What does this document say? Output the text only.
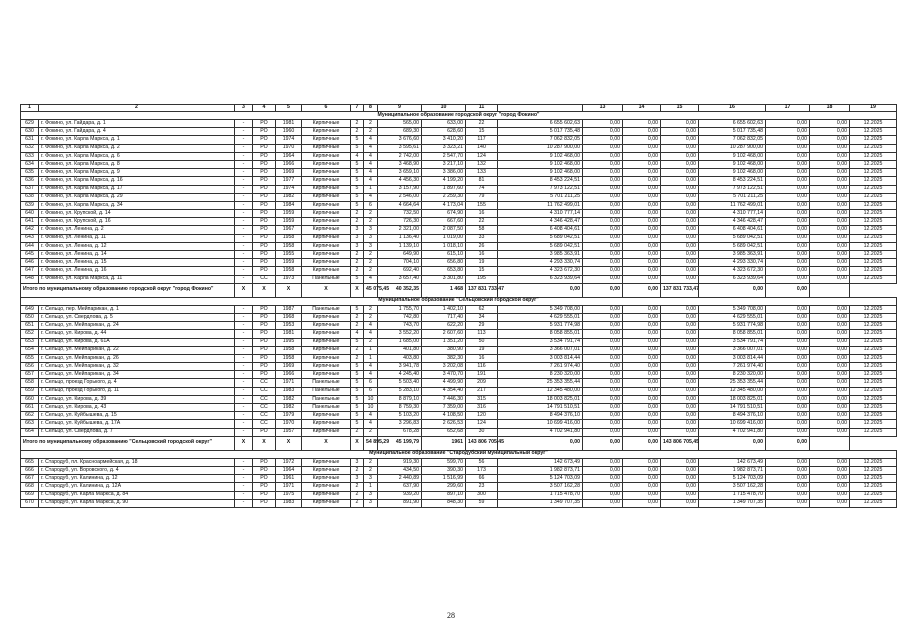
1	2	3	4	5	6	7	8	9	10	11		13	14	15	16	17	18	19
Муниципальное образование городской округ "город Фокино"																		
629	г. Фокино, ул. Гайдара, д. 1	-	РО	1981	Кирпичные	2	2	565,00	633,00	22	6 655 602,63	0,00	0,00	0,00	6 655 602,63	0,00	0,00	12.2025
630	г. Фокино, ул. Гайдара, д. 4	-	РО	1960	Кирпичные	2	2	689,30	628,60	15	5 017 735,48	0,00	0,00	0,00	5 017 735,48	0,00	0,00	12.2025
631	г. Фокино, ул. Карла Маркса, д. 1	-	РО	1974	Кирпичные	5	4	3 676,60	3 410,20	117	7 062 832,05	0,00	0,00	0,00	7 062 832,05	0,00	0,00	12.2025
632	г. Фокино, ул. Карла Маркса, д. 2	-	РО	1970	Кирпичные	5	4	3 595,61	3 323,21	140	10 287 900,00	0,00	0,00	0,00	10 287 900,00	0,00	0,00	12.2025
633	г. Фокино, ул. Карла Маркса, д. 6	-	РО	1964	Кирпичные	4	4	2 742,00	2 547,70	124	9 102 468,00	0,00	0,00	0,00	9 102 468,00	0,00	0,00	12.2025
634	г. Фокино, ул. Карла Маркса, д. 8	-	РО	1966	Кирпичные	5	4	3 468,90	3 217,10	132	9 102 468,00	0,00	0,00	0,00	9 102 468,00	0,00	0,00	12.2025
635	г. Фокино, ул. Карла Маркса, д. 9	-	РО	1969	Кирпичные	5	4	3 659,10	3 386,00	133	9 102 468,00	0,00	0,00	0,00	9 102 468,00	0,00	0,00	12.2025
636	г. Фокино, ул. Карла Маркса, д. 16	-	РО	1977	Кирпичные	5	4	4 456,30	4 199,20	81	8 453 224,51	0,00	0,00	0,00	8 453 224,51	0,00	0,00	12.2025
637	г. Фокино, ул. Карла Маркса, д. 17	-	РО	1974	Кирпичные	5	1	3 157,90	1 897,60	74	7 973 122,51	0,00	0,00	0,00	7 973 122,51	0,00	0,00	12.2025
638	г. Фокино, ул. Карла Маркса, д. 29	-	РО	1982	Кирпичные	5	4	2 546,00	2 259,30	79	5 701 211,25	0,00	0,00	0,00	5 701 211,25	0,00	0,00	12.2025
639	г. Фокино, ул. Карла Маркса, д. 34	-	РО	1984	Кирпичные	5	6	4 664,64	4 173,04	155	11 762 499,01	0,00	0,00	0,00	11 762 499,01	0,00	0,00	12.2025
640	г. Фокино, ул. Крупской, д. 14	-	РО	1959	Кирпичные	2	2	732,50	674,90	16	4 310 777,14	0,00	0,00	0,00	4 310 777,14	0,00	0,00	12.2025
641	г. Фокино, ул. Крупской, д. 16	-	РО	1959	Кирпичные	2	2	726,30	667,60	22	4 346 428,47	0,00	0,00	0,00	4 346 428,47	0,00	0,00	12.2025
642	г. Фокино, ул. Ленина, д. 2	-	РО	1967	Кирпичные	3	3	2 321,00	2 087,50	58	6 408 404,61	0,00	0,00	0,00	6 408 404,61	0,00	0,00	12.2025
643	г. Фокино, ул. Ленина, д. 11	-	РО	1958	Кирпичные	3	3	1 136,40	1 019,00	33	5 689 042,51	0,00	0,00	0,00	5 689 042,51	0,00	0,00	12.2025
644	г. Фокино, ул. Ленина, д. 12	-	РО	1958	Кирпичные	3	3	1 139,10	1 018,10	26	5 689 042,51	0,00	0,00	0,00	5 689 042,51	0,00	0,00	12.2025
645	г. Фокино, ул. Ленина, д. 14	-	РО	1955	Кирпичные	2	2	649,90	615,10	16	3 985 363,91	0,00	0,00	0,00	3 985 363,91	0,00	0,00	12.2025
646	г. Фокино, ул. Ленина, д. 15	-	РО	1959	Кирпичные	2	2	704,10	656,80	19	4 293 330,74	0,00	0,00	0,00	4 293 330,74	0,00	0,00	12.2025
647	г. Фокино, ул. Ленина, д. 16	-	РО	1958	Кирпичные	2	2	692,40	653,80	15	4 323 672,30	0,00	0,00	0,00	4 323 672,30	0,00	0,00	12.2025
648	г. Фокино, ул. Карла Маркса, д. 11	-	СС	1973	Панельные	5	4	3 657,40	3 301,80	195	6 323 939,64	0,00	0,00	0,00	6 323 939,64	0,00	0,00	12.2025
Итого по муниципальному образованию городской округ "город Фокино"		X	X	X	X	X	45 075,45	40 352,35	1 468	137 831 733,47	0,00	0,00	0,00	137 831 733,47	0,00	0,00		
Муниципальное образование "Сельцовский городской округ"																		
649	г. Сельцо, пер. Мейпарикан, д. 1	-	РО	1987	Панельные	5	2	1 755,70	1 402,10	62	5 349 708,00	0,00	0,00	0,00	5 349 708,00	0,00	0,00	12.2025
650	г. Сельцо, ул. Свердлова, д. 5	-	РО	1968	Кирпичные	2	2	742,80	717,40	34	4 629 555,01	0,00	0,00	0,00	4 629 555,01	0,00	0,00	12.2025
651	г. Сельцо, ул. Мейпарикан, д. 24	-	РО	1953	Кирпичные	2	4	743,70	622,20	29	5 931 774,98	0,00	0,00	0,00	5 931 774,98	0,00	0,00	12.2025
652	г. Сельцо, ул. Кирова, д. 44	-	РО	1981	Кирпичные	4	4	3 552,20	2 607,60	113	8 058 855,01	0,00	0,00	0,00	8 058 855,01	0,00	0,00	12.2025
653	г. Сельцо, ул. Кирова, д. 61А	-	РО	1995	Кирпичные	5	2	1 685,00	1 351,20	50	3 534 791,74	0,00	0,00	0,00	3 534 791,74	0,00	0,00	12.2025
654	г. Сельцо, ул. Мейпарикан, д. 22	-	РО	1958	Кирпичные	2	1	401,80	380,90	19	3 366 007,01	0,00	0,00	0,00	3 366 007,01	0,00	0,00	12.2025
655	г. Сельцо, ул. Мейпарикан, д. 26	-	РО	1958	Кирпичные	2	1	403,80	382,30	16	3 003 814,44	0,00	0,00	0,00	3 003 814,44	0,00	0,00	12.2025
656	г. Сельцо, ул. Мейпарикан, д. 32	-	РО	1969	Кирпичные	5	4	3 941,78	3 202,08	116	7 261 974,40	0,00	0,00	0,00	7 261 974,40	0,00	0,00	12.2025
657	г. Сельцо, ул. Мейпарикан, д. 34	-	РО	1966	Кирпичные	5	4	4 245,40	3 470,70	191	8 230 320,00	0,00	0,00	0,00	8 230 320,00	0,00	0,00	12.2025
658	г. Сельцо, проезд Горького, д. 4	-	СС	1971	Панельные	5	6	5 503,40	4 499,90	209	25 353 355,44	0,00	0,00	0,00	25 353 355,44	0,00	0,00	12.2025
659	г. Сельцо, проезд Горького, д. 11	-	СС	1983	Панельные	5	6	5 283,10	4 354,40	217	12 345 480,00	0,00	0,00	0,00	12 345 480,00	0,00	0,00	12.2025
660	г. Сельцо, ул. Кирова, д. 39	-	СС	1982	Панельные	5	10	8 879,10	7 446,30	315	18 003 825,01	0,00	0,00	0,00	18 003 825,01	0,00	0,00	12.2025
661	г. Сельцо, ул. Кирова, д. 43	-	СС	1982	Панельные	5	10	8 759,30	7 359,00	316	14 791 510,51	0,00	0,00	0,00	14 791 510,51	0,00	0,00	12.2025
662	г. Сельцо, ул. Куйбышева, д. 15	-	СС	1979	Кирпичные	5	4	5 103,20	4 108,50	120	8 494 376,10	0,00	0,00	0,00	8 494 376,10	0,00	0,00	12.2025
663	г. Сельцо, ул. Куйбышева, д. 17А	-	СС	1970	Кирпичные	5	4	3 296,83	2 626,53	124	10 699 416,00	0,00	0,00	0,00	10 699 416,00	0,00	0,00	12.2025
664	г. Сельцо, ул. Свердлова, д. 7	-	РО	1957	Кирпичные	2	2	678,28	652,68	30	4 702 941,80	0,00	0,00	0,00	4 702 941,80	0,00	0,00	12.2025
Итого по муниципальному образованию "Сельцовский городской округ"		X	X	X	X	X	54 895,29	45 199,79	1961	143 806 705,45	0,00	0,00	0,00	143 806 705,45	0,00	0,00		
Муниципальное образование "Стародубский муниципальный округ"																		
665	г. Стародуб, пл. Красноармейская, д. 18	-	РО	1972	Кирпичные	3	2	919,30	599,70	56	142 673,49	0,00	0,00	0,00	142 673,49	0,00	0,00	12.2025
666	г. Стародуб, ул. Воровского, д. 4	-	РО	1964	Кирпичные	2	2	434,50	390,30	173	1 982 873,71	0,00	0,00	0,00	1 982 873,71	0,00	0,00	12.2025
667	г. Стародуб, ул. Калинина, д. 12	-	РО	1961	Кирпичные	3	3	2 440,89	1 516,99	66	5 124 703,09	0,00	0,00	0,00	5 124 703,09	0,00	0,00	12.2025
668	г. Стародуб, ул. Калинина, д. 12А	-	РО	1971	Кирпичные	2	1	637,90	299,60	23	3 507 162,28	0,00	0,00	0,00	3 507 162,28	0,00	0,00	12.2025
669	г. Стародуб, ул. Карла Маркса, д. 84	-	РО	1975	Кирпичные	2	3	939,20	897,10	300	1 715 478,70	0,00	0,00	0,00	1 715 478,70	0,00	0,00	12.2025
670	г. Стародуб, ул. Карла Маркса, д. 90	-	РО	1983	Кирпичные	2	3	891,90	848,30	59	1 349 707,35	0,00	0,00	0,00	1 349 707,35	0,00	0,00	12.2025
28
